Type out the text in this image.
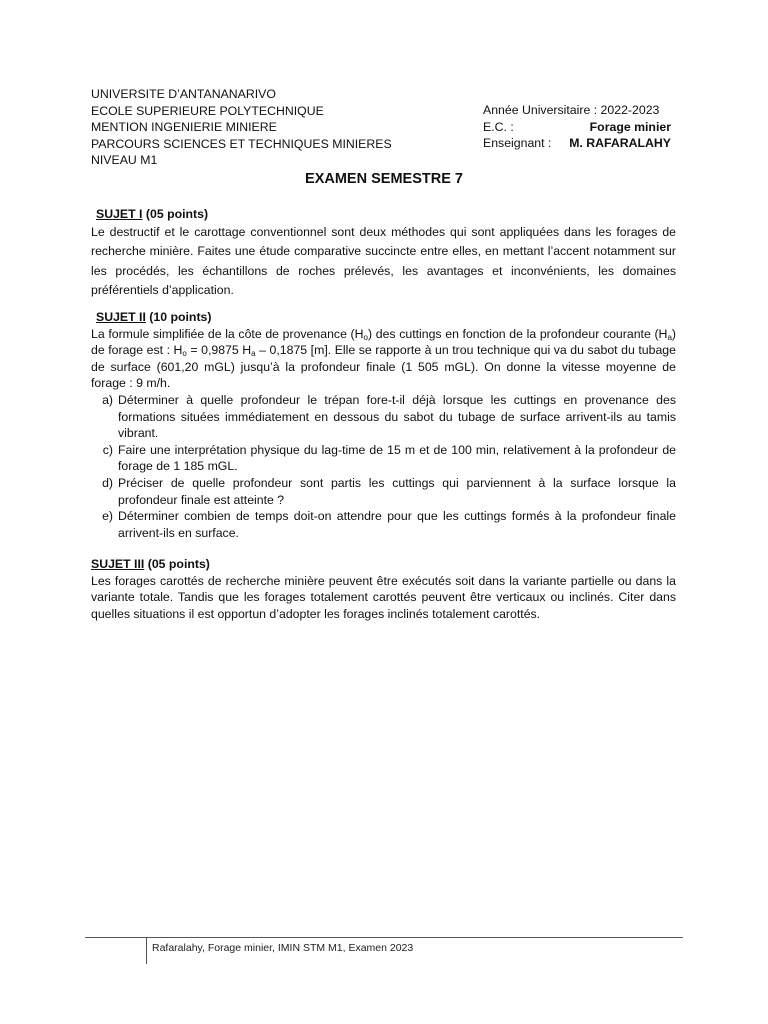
UNIVERSITE D’ANTANANARIVO
ECOLE SUPERIEURE POLYTECHNIQUE
MENTION INGENIERIE MINIERE
PARCOURS SCIENCES ET TECHNIQUES MINIERES
NIVEAU M1
Année Universitaire : 2022-2023
E.C. :	Forage minier
Enseignant : M. RAFARALAHY
EXAMEN SEMESTRE 7
SUJET I (05 points)
Le destructif et le carottage conventionnel sont deux méthodes qui sont appliquées dans les forages de recherche minière. Faites une étude comparative succincte entre elles, en mettant l’accent notamment sur les procédés, les échantillons de roches prélevés, les avantages et inconvénients, les domaines préférentiels d’application.
SUJET II (10 points)
La formule simplifiée de la côte de provenance $(H_o)$ des cuttings en fonction de la profondeur courante $(H_a)$ de forage est : $H_o = 0,9875$ $H_a - 0,1875$ [m]. Elle se rapporte à un trou technique qui va du sabot du tubage de surface (601,20 mGL) jusqu’à la profondeur finale (1 505 mGL). On donne la vitesse moyenne de forage : 9 m/h.
a) Déterminer à quelle profondeur le trépan fore-t-il déjà lorsque les cuttings en provenance des formations situées immédiatement en dessous du sabot du tubage de surface arrivent-ils au tamis vibrant.
c) Faire une interprétation physique du lag-time de 15 m et de 100 min, relativement à la profondeur de forage de 1 185 mGL.
d) Préciser de quelle profondeur sont partis les cuttings qui parviennent à la surface lorsque la profondeur finale est atteinte ?
e) Déterminer combien de temps doit-on attendre pour que les cuttings formés à la profondeur finale arrivent-ils en surface.
SUJET III (05 points)
Les forages carottés de recherche minière peuvent être exécutés soit dans la variante partielle ou dans la variante totale. Tandis que les forages totalement carottés peuvent être verticaux ou inclinés. Citer dans quelles situations il est opportun d’adopter les forages inclinés totalement carottés.
Rafaralahy, Forage minier, IMIN STM M1, Examen 2023
